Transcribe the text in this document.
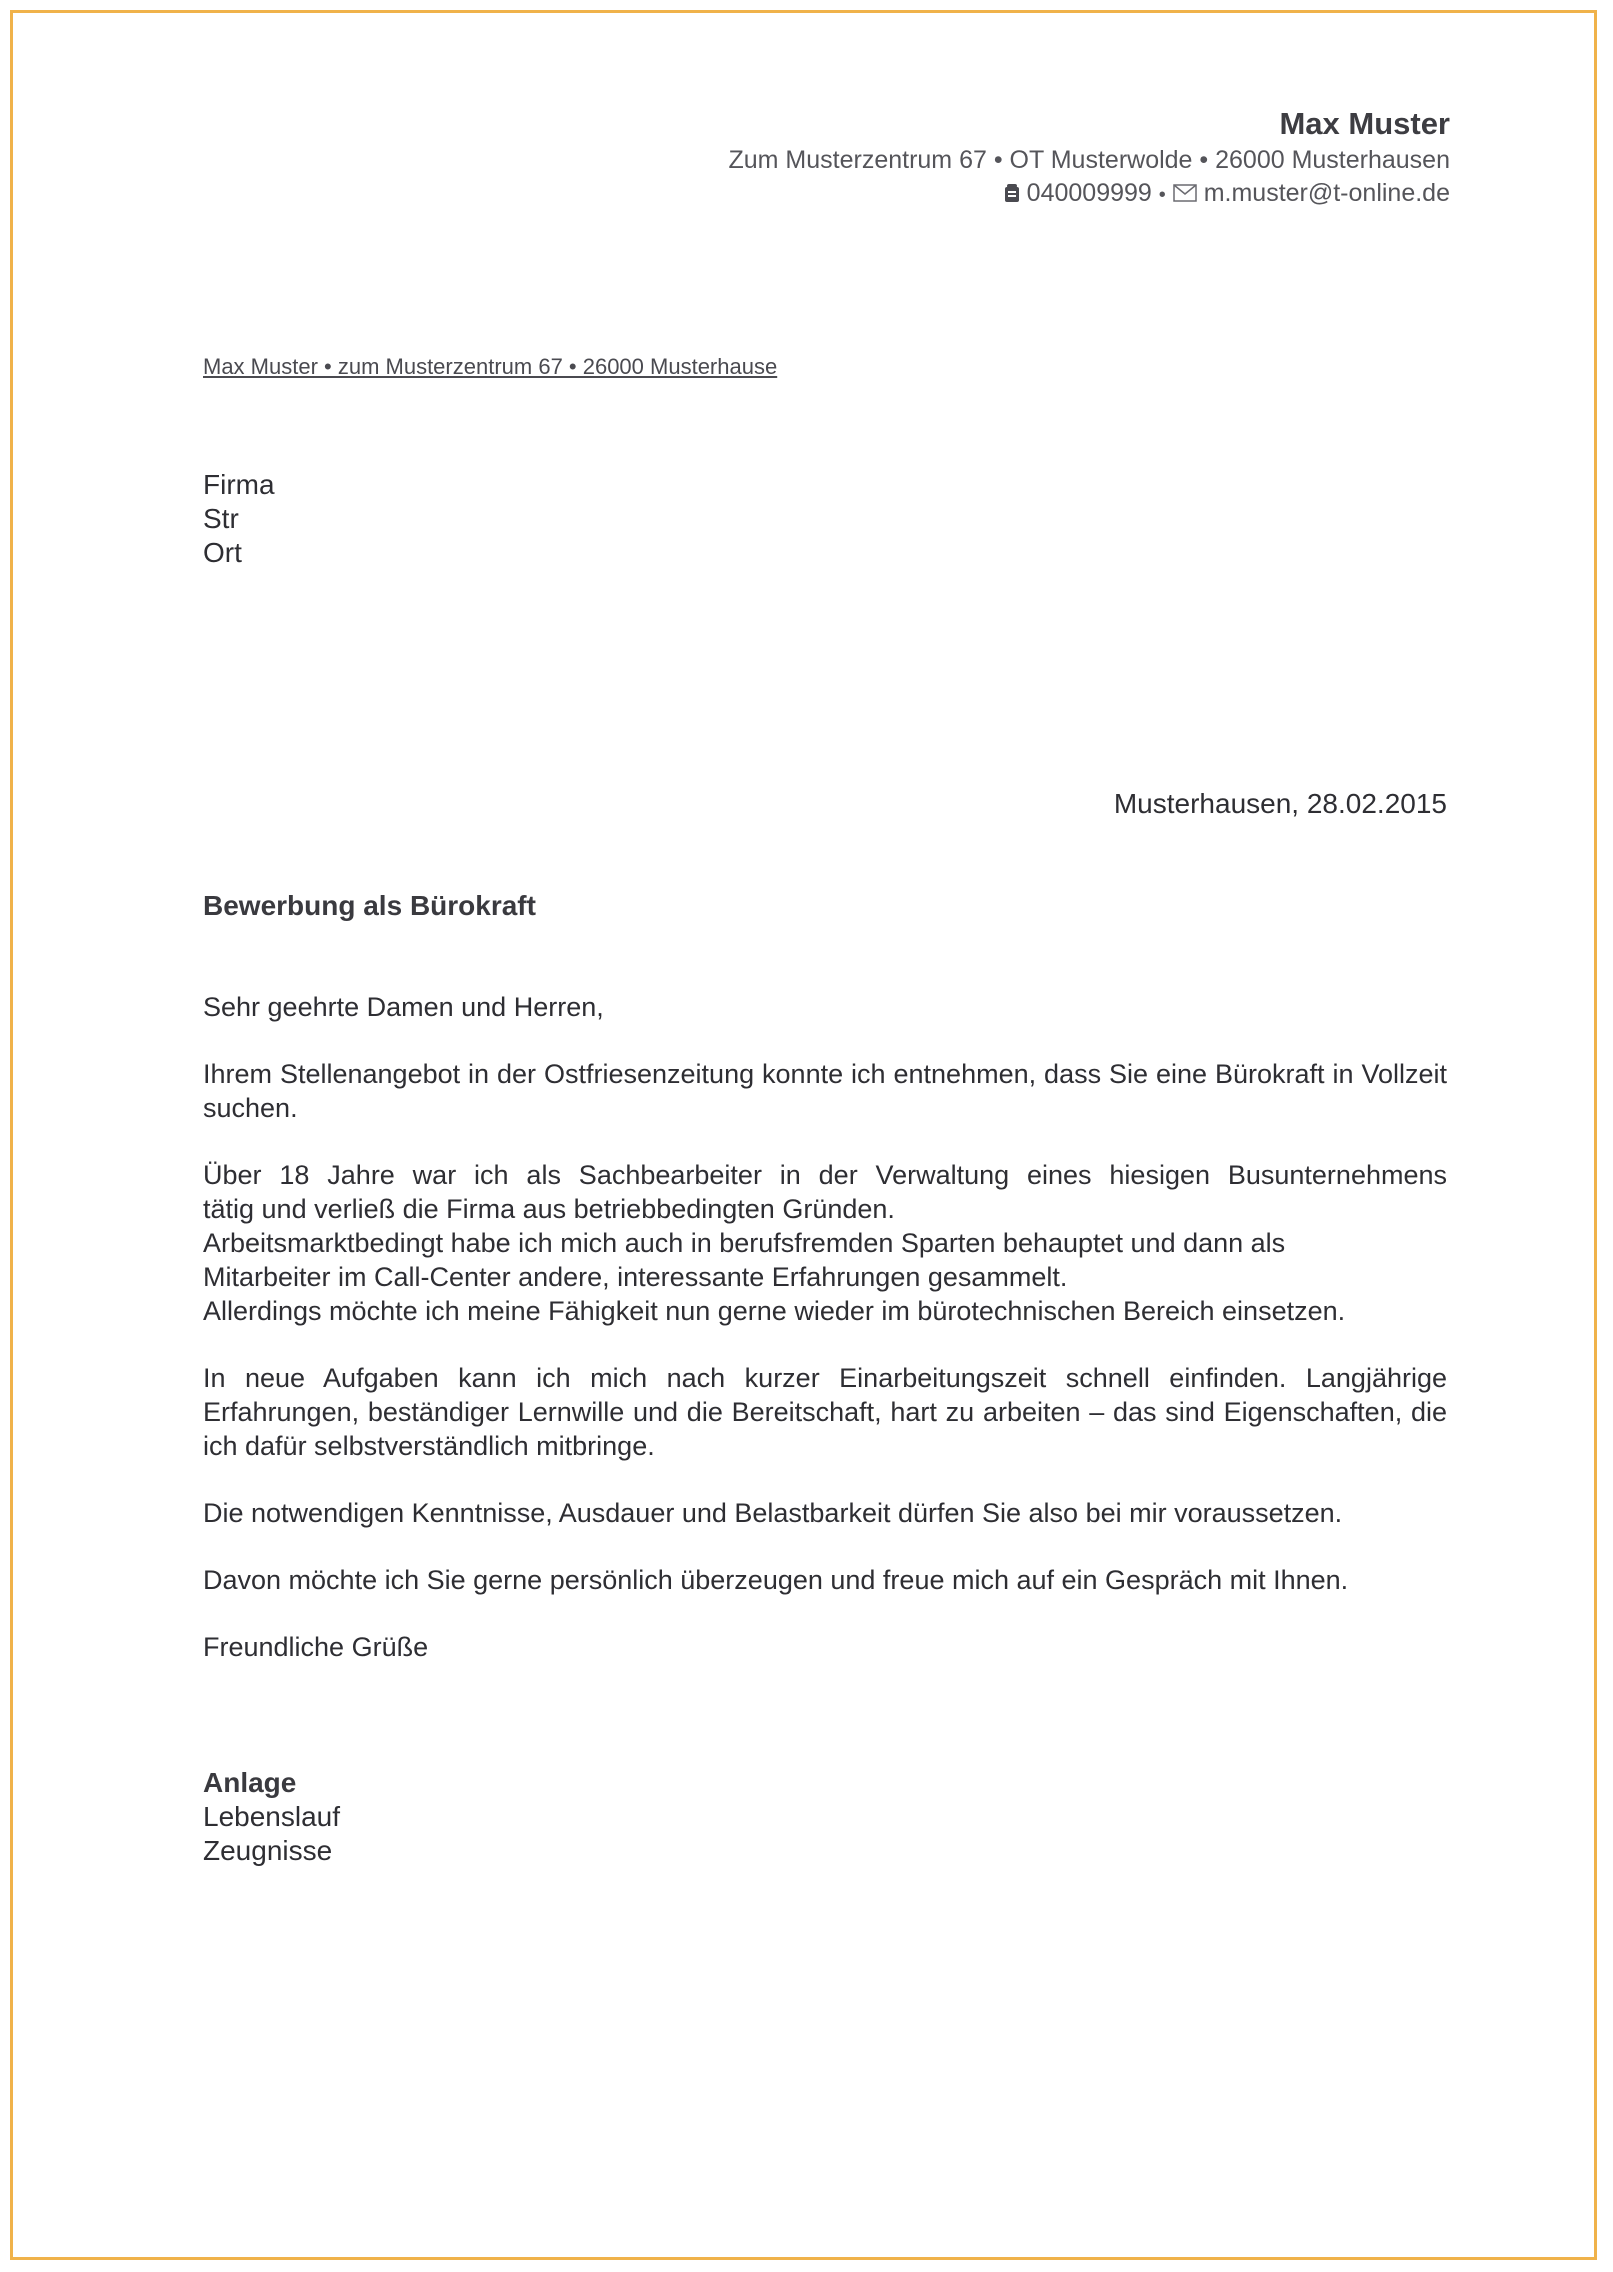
Max Muster
Zum Musterzentrum 67 • OT Musterwolde • 26000 Musterhausen
040009999 • m.muster@t-online.de
Max Muster • zum Musterzentrum 67 • 26000 Musterhause
Firma
Str
Ort
Musterhausen, 28.02.2015
Bewerbung als Bürokraft

Sehr geehrte Damen und Herren,

Ihrem Stellenangebot in der Ostfriesenzeitung konnte ich entnehmen, dass Sie eine Bürokraft in Vollzeit suchen.

Über 18 Jahre war ich als Sachbearbeiter in der Verwaltung eines hiesigen Busunternehmens
tätig und verließ die Firma aus betriebbedingten Gründen.
Arbeitsmarktbedingt habe ich mich auch in berufsfremden Sparten behauptet und dann als
Mitarbeiter im Call-Center andere, interessante Erfahrungen gesammelt.
Allerdings möchte ich meine Fähigkeit nun gerne wieder im bürotechnischen Bereich einsetzen.

In neue Aufgaben kann ich mich nach kurzer Einarbeitungszeit schnell einfinden. Langjährige Erfahrungen, beständiger Lernwille und die Bereitschaft, hart zu arbeiten – das sind Eigenschaften, die ich dafür selbstverständlich mitbringe.

Die notwendigen Kenntnisse, Ausdauer und Belastbarkeit dürfen Sie also bei mir voraussetzen.

Davon möchte ich Sie gerne persönlich überzeugen und freue mich auf ein Gespräch mit Ihnen.

Freundliche Grüße

Anlage
Lebenslauf
Zeugnisse
